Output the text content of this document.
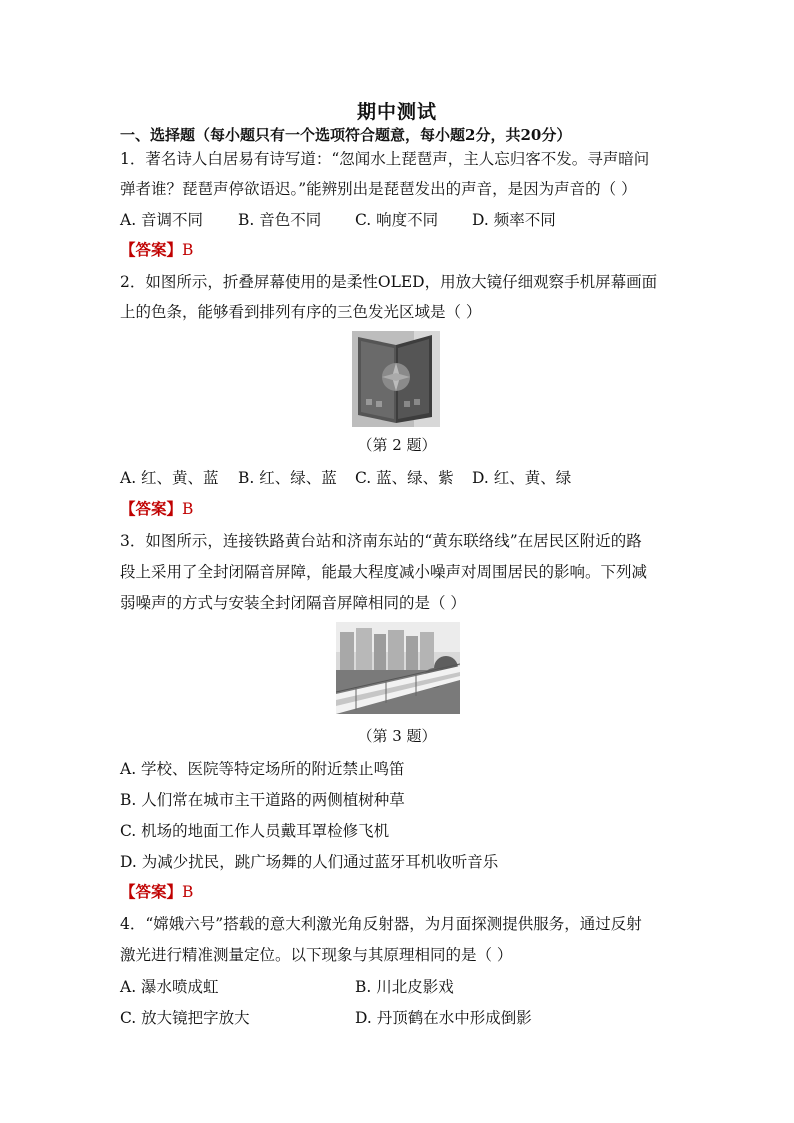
期中测试
一、选择题（每小题只有一个选项符合题意，每小题2分，共20分）
1．著名诗人白居易有诗写道：“忽闻水上琵琶声，主人忘归客不发。寻声暗问
弹者谁？琵琶声停欲语迟。”能辨别出是琵琶发出的声音，是因为声音的（ ）
A. 音调不同 B. 音色不同 C. 响度不同 D. 频率不同
【答案】B
2．如图所示，折叠屏幕使用的是柔性OLED，用放大镜仔细观察手机屏幕画面
上的色条，能够看到排列有序的三色发光区域是（ ）
（第 2 题）
A. 红、黄、蓝 B. 红、绿、蓝 C. 蓝、绿、紫 D. 红、黄、绿
【答案】B
3．如图所示，连接铁路黄台站和济南东站的“黄东联络线”在居民区附近的路
段上采用了全封闭隔音屏障，能最大程度减小噪声对周围居民的影响。下列减
弱噪声的方式与安装全封闭隔音屏障相同的是（ ）
（第 3 题）
A. 学校、医院等特定场所的附近禁止鸣笛
B. 人们常在城市主干道路的两侧植树种草
C. 机场的地面工作人员戴耳罩检修飞机
D. 为减少扰民，跳广场舞的人们通过蓝牙耳机收听音乐
【答案】B
4．“嫦娥六号”搭载的意大利激光角反射器，为月面探测提供服务，通过反射
激光进行精准测量定位。以下现象与其原理相同的是（ ）
A. 瀑水喷成虹	B. 川北皮影戏
C. 放大镜把字放大	D. 丹顶鹤在水中形成倒影
